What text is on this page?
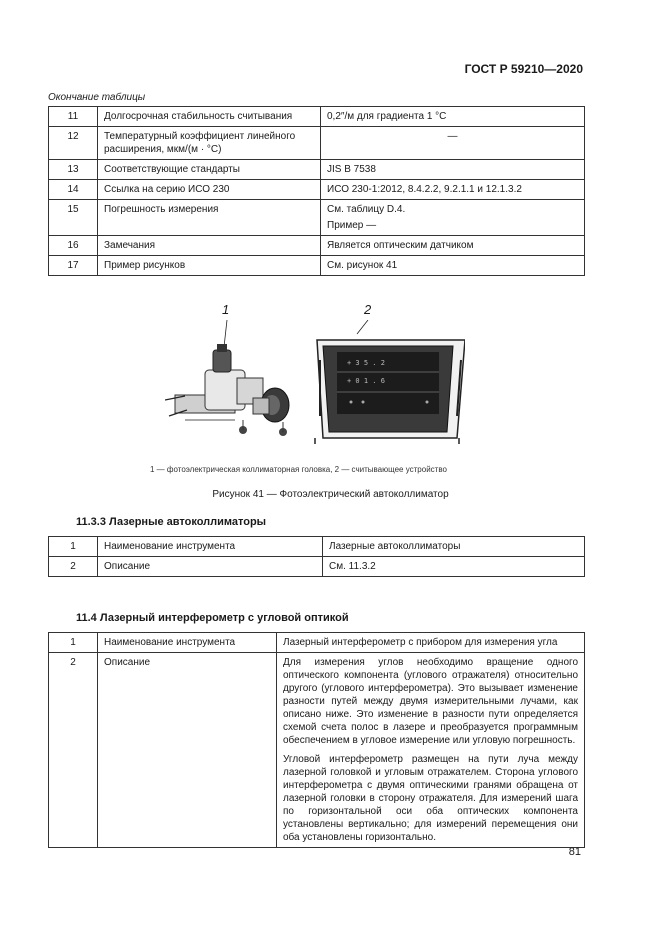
ГОСТ Р 59210—2020
Окончание таблицы
11	Долгосрочная стабильность считывания	0,2″/м для градиента 1 °С
12	Температурный коэффициент линейного расширения, мкм/(м · °С)	—
13	Соответствующие стандарты	JIS B 7538
14	Ссылка на серию ИСО 230	ИСО 230-1:2012, 8.4.2.2, 9.2.1.1 и 12.1.3.2
15	Погрешность измерения	См. таблицу D.4.
Пример —

16	Замечания	Является оптическим датчиком
17	Пример рисунков	См. рисунок 41
1	2
+ 3 5 . 2
+ 0 1 . 6
1 — фотоэлектрическая коллиматорная головка, 2 — считывающее устройство
Рисунок 41 — Фотоэлектрический автоколлиматор
11.3.3 Лазерные автоколлиматоры
1	Наименование инструмента	Лазерные автоколлиматоры
2	Описание	См. 11.3.2
11.4 Лазерный интерферометр с угловой оптикой
1	Наименование инструмента	Лазерный интерферометр с прибором для измерения угла
2	Описание	Для измерения углов необходимо вращение одного оптического компонента (углового отражателя) относительно другого (углового интерферометра). Это вызывает изменение разности путей между двумя измерительными лучами, как описано ниже. Это изменение в разности пути определяется схемой счета полос в лазере и преобразуется программным обеспечением в угловое измерение или угловую погрешность.

Угловой интерферометр размещен на пути луча между лазерной головкой и угловым отражателем. Сторона углового интерферометра с двумя оптическими гранями обращена от лазерной головки в сторону отражателя. Для измерений шага по горизонтальной оси оба оптических компонента установлены вертикально; для измерений перемещения они оба установлены горизонтально.

81
